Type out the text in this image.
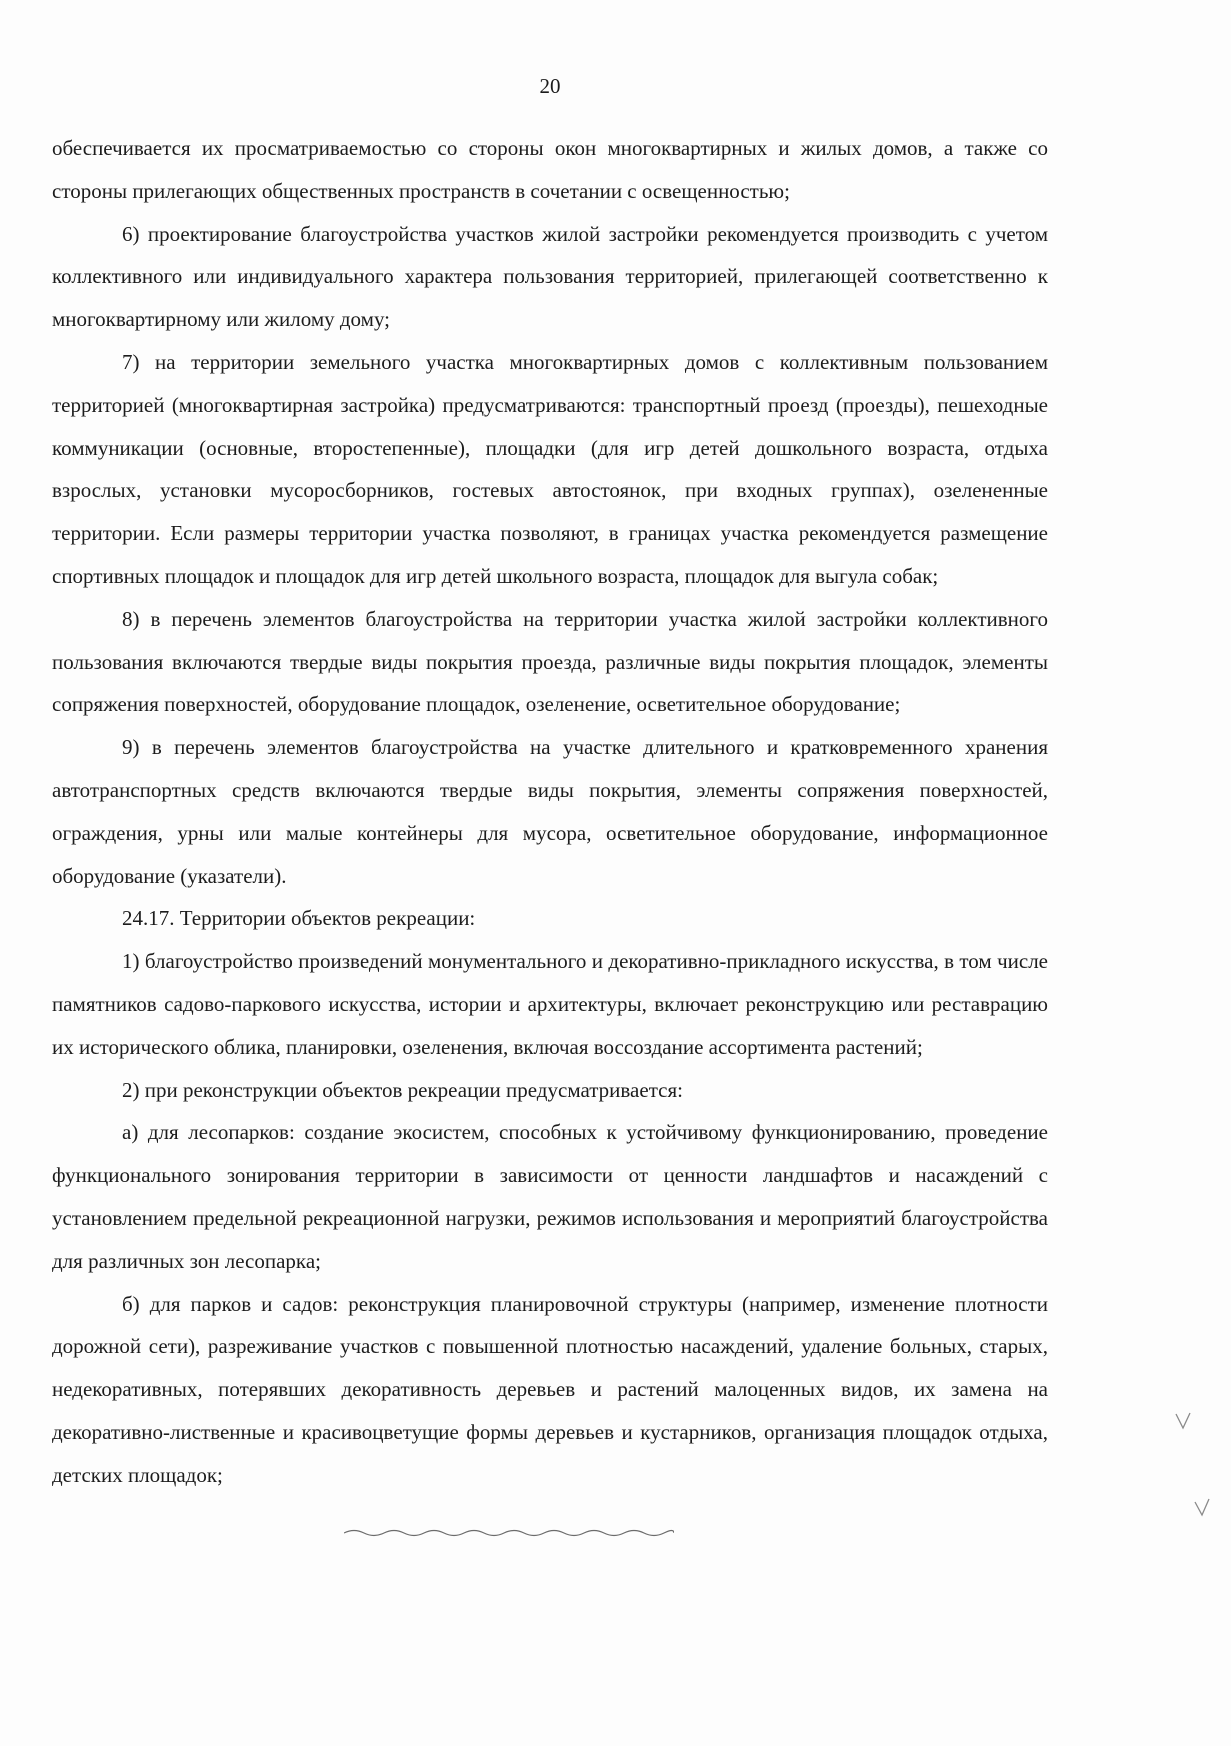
20

обеспечивается их просматриваемостью со стороны окон многоквартирных и жилых домов, а также со стороны прилегающих общественных пространств в сочетании с освещенностью;

6) проектирование благоустройства участков жилой застройки рекомендуется производить с учетом коллективного или индивидуального характера пользования территорией, прилегающей соответственно к многоквартирному или жилому дому;

7) на территории земельного участка многоквартирных домов с коллективным пользованием территорией (многоквартирная застройка) предусматриваются: транспортный проезд (проезды), пешеходные коммуникации (основные, второстепенные), площадки (для игр детей дошкольного возраста, отдыха взрослых, установки мусоросборников, гостевых автостоянок, при входных группах), озелененные территории. Если размеры территории участка позволяют, в границах участка рекомендуется размещение спортивных площадок и площадок для игр детей школьного возраста, площадок для выгула собак;

8) в перечень элементов благоустройства на территории участка жилой застройки коллективного пользования включаются твердые виды покрытия проезда, различные виды покрытия площадок, элементы сопряжения поверхностей, оборудование площадок, озеленение, осветительное оборудование;

9) в перечень элементов благоустройства на участке длительного и кратковременного хранения автотранспортных средств включаются твердые виды покрытия, элементы сопряжения поверхностей, ограждения, урны или малые контейнеры для мусора, осветительное оборудование, информационное оборудование (указатели).

24.17. Территории объектов рекреации:

1) благоустройство произведений монументального и декоративно-прикладного искусства, в том числе памятников садово-паркового искусства, истории и архитектуры, включает реконструкцию или реставрацию их исторического облика, планировки, озеленения, включая воссоздание ассортимента растений;

2) при реконструкции объектов рекреации предусматривается:

а) для лесопарков: создание экосистем, способных к устойчивому функционированию, проведение функционального зонирования территории в зависимости от ценности ландшафтов и насаждений с установлением предельной рекреационной нагрузки, режимов использования и мероприятий благоустройства для различных зон лесопарка;

б) для парков и садов: реконструкция планировочной структуры (например, изменение плотности дорожной сети), разреживание участков с повышенной плотностью насаждений, удаление больных, старых, недекоративных, потерявших декоративность деревьев и растений малоценных видов, их замена на декоративно-лиственные и красивоцветущие формы деревьев и кустарников, организация площадок отдыха, детских площадок;
